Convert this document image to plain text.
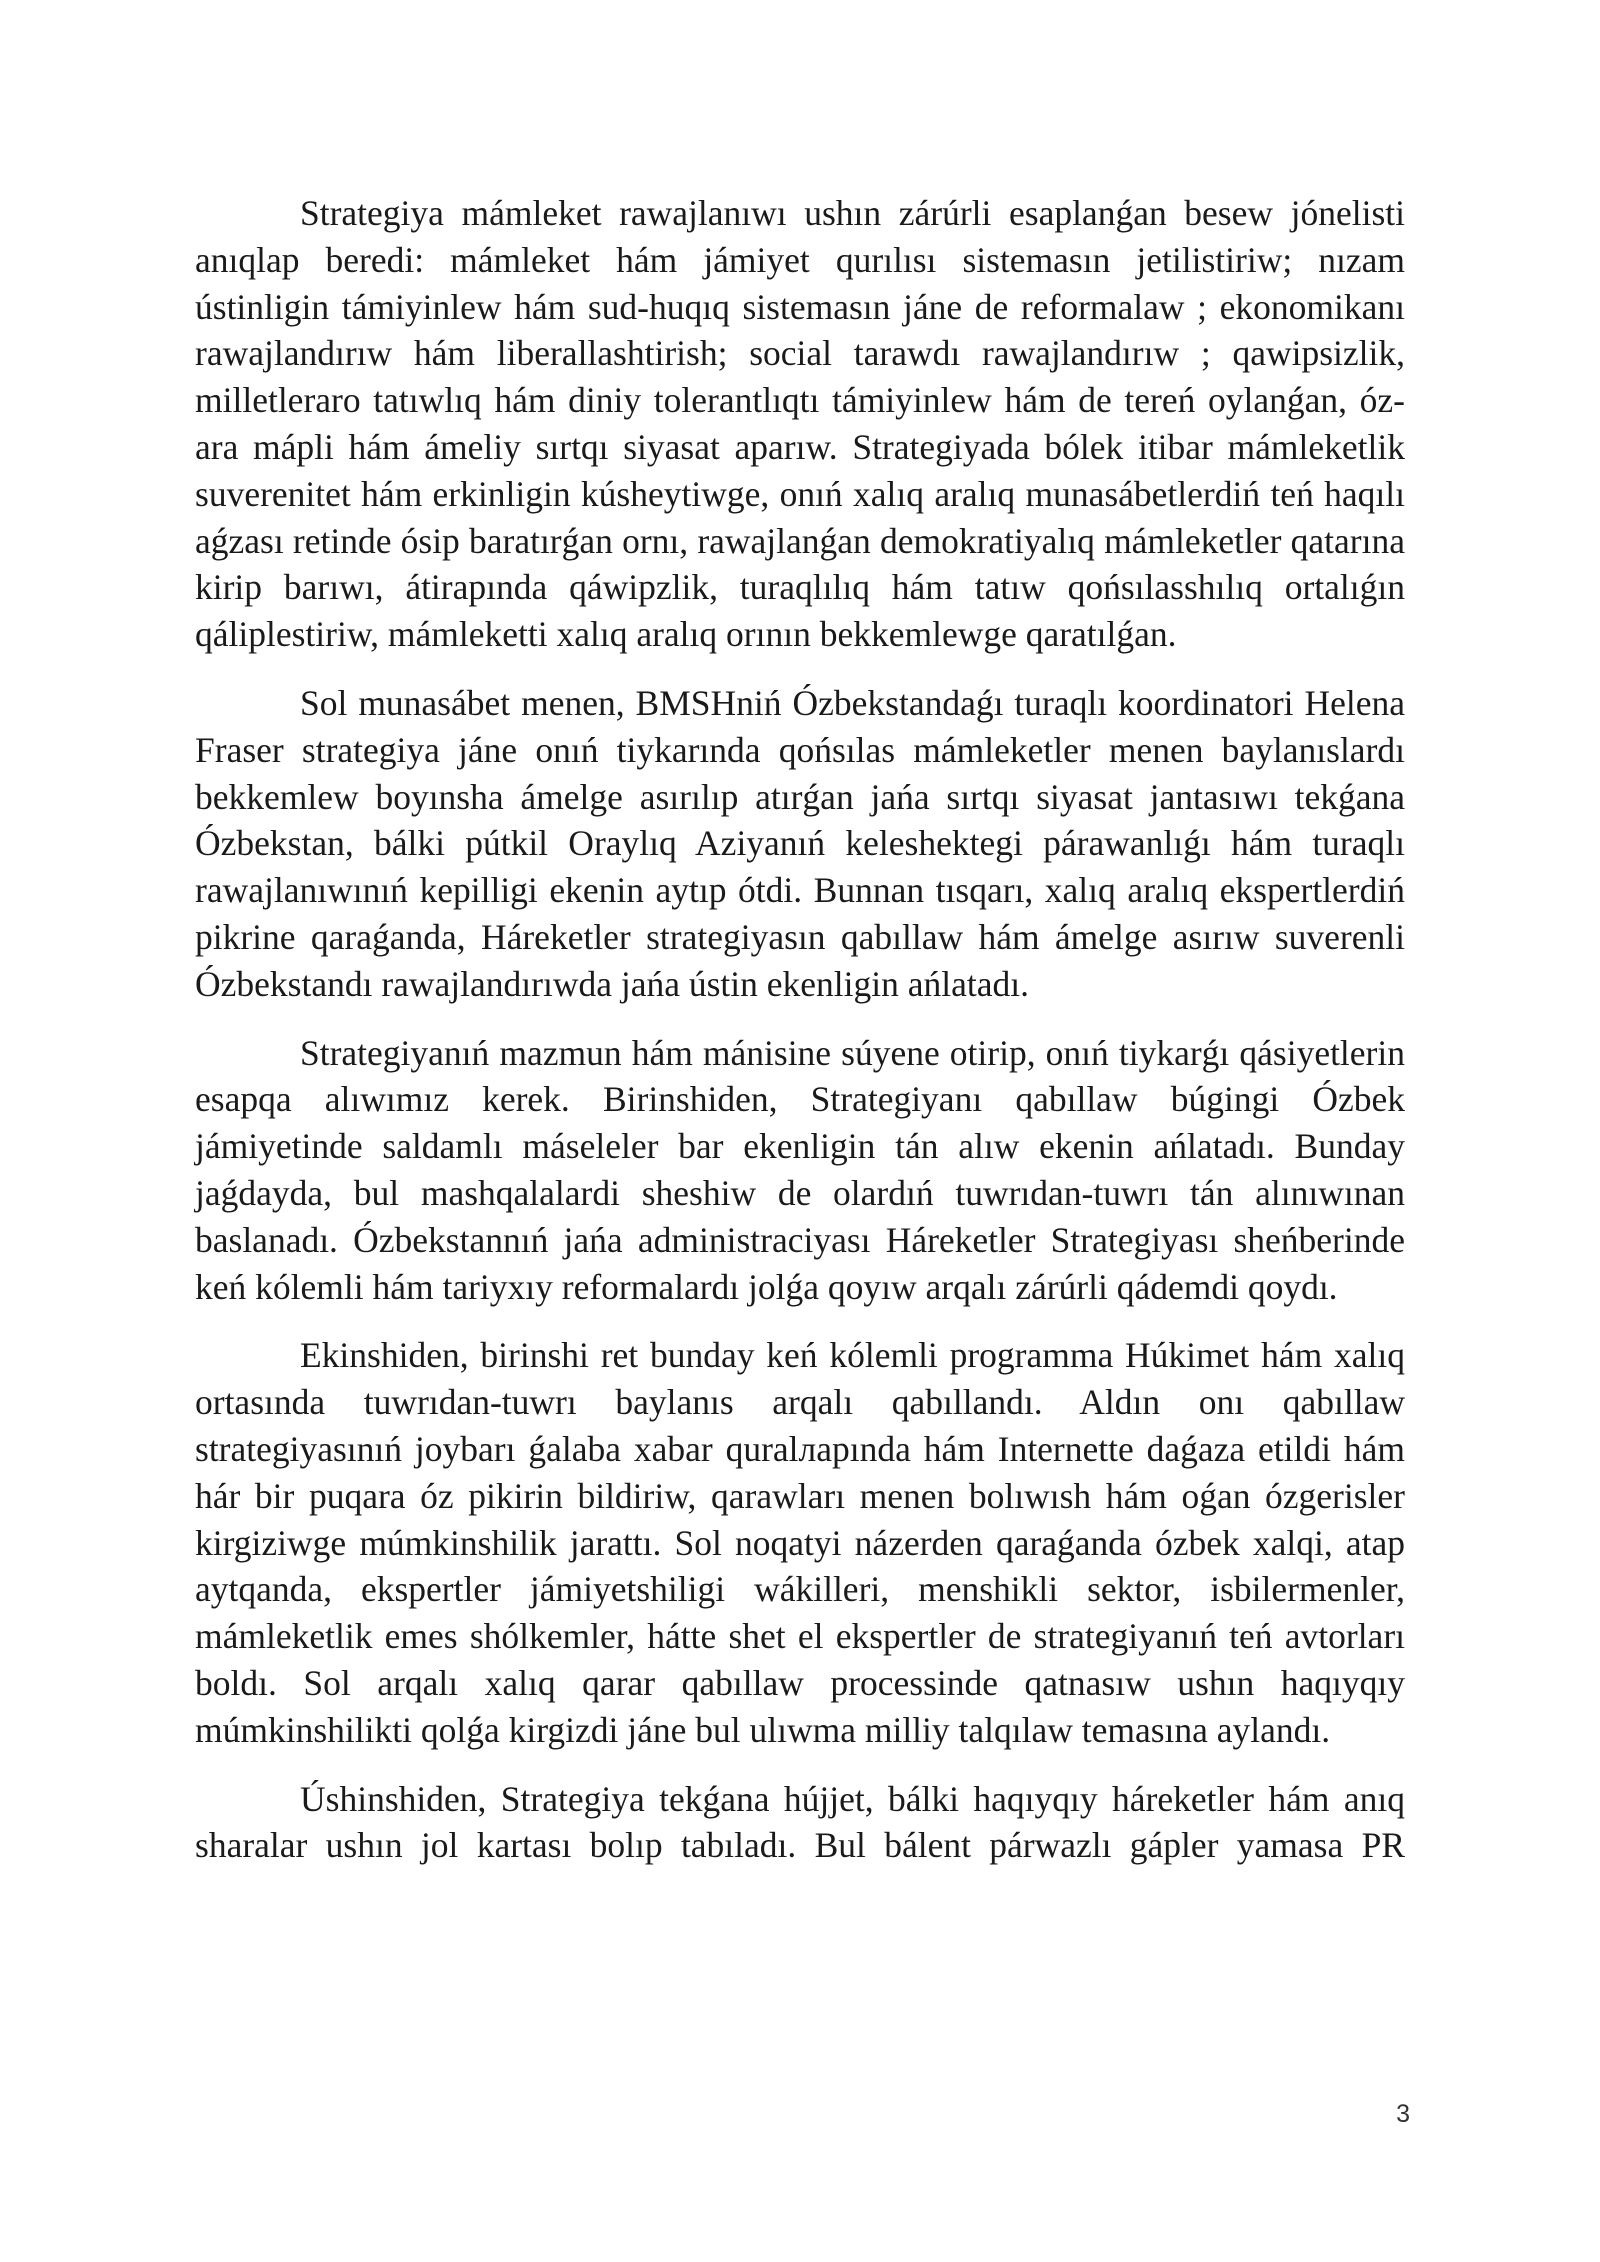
Strategiya mámleket rawajlanıwı ushın zárúrli esaplanǵan besew jónelisti anıqlap beredi: mámleket hám jámiyet qurılısı sistemasın jetilistiriw; nızam ústinligin támiyinlew hám sud-huqıq sistemasın jáne de reformalaw ; ekonomikanı rawajlandırıw hám liberallashtirish; social tarawdı rawajlandırıw ; qawipsizlik, milletleraro tatıwlıq hám diniy tolerantlıqtı támiyinlew hám de tereń oylanǵan, óz-ara mápli hám ámeliy sırtqı siyasat aparıw. Strategiyada bólek itibar mámleketlik suverenitet hám erkinligin kúsheytiwge, onıń xalıq aralıq munasábetlerdiń teń haqılı aǵzası retinde ósip baratırǵan ornı, rawajlanǵan demokratiyalıq mámleketler qatarına kirip barıwı, átirapında qáwipzlik, turaqlılıq hám tatıw qońsılasshılıq ortalıǵın qáliplestiriw, mámleketti xalıq aralıq orının bekkemlewge qaratılǵan.

Sol munasábet menen, BMSHniń Ózbekstandaǵı turaqlı koordinatori Helena Fraser strategiya jáne onıń tiykarında qońsılas mámleketler menen baylanıslardı bekkemlew boyınsha ámelge asırılıp atırǵan jańa sırtqı siyasat jantasıwı tekǵana Ózbekstan, bálki pútkil Oraylıq Aziyanıń keleshektegi párawanlıǵı hám turaqlı rawajlanıwınıń kepilligi ekenin aytıp ótdi. Bunnan tısqarı, xalıq aralıq ekspertlerdiń pikrine qaraǵanda, Háreketler strategiyasın qabıllaw hám ámelge asırıw suverenli Ózbekstandı rawajlandırıwda jańa ústin ekenligin ańlatadı.

Strategiyanıń mazmun hám mánisine súyene otirip, onıń tiykarǵı qásiyetlerin esapqa alıwımız kerek. Birinshiden, Strategiyanı qabıllaw búgingi Ózbek jámiyetinde saldamlı máseleler bar ekenligin tán alıw ekenin ańlatadı. Bunday jaǵdayda, bul mashqalalardi sheshiw de olardıń tuwrıdan-tuwrı tán alınıwınan baslanadı. Ózbekstannıń jańa administraciyası Háreketler Strategiyası sheńberinde keń kólemli hám tariyxıy reformalardı jolǵa qoyıw arqalı zárúrli qádemdi qoydı.

Ekinshiden, birinshi ret bunday keń kólemli programma Húkimet hám xalıq ortasında tuwrıdan-tuwrı baylanıs arqalı qabıllandı. Aldın onı qabıllaw strategiyasınıń joybarı ǵalaba xabar quralларında hám Internette daǵaza etildi hám hár bir puqara óz pikirin bildiriw, qarawları menen bolıwısh hám oǵan ózgerisler kirgiziwge múmkinshilik jarattı. Sol noqatyi názerden qaraǵanda ózbek xalqi, atap aytqanda, ekspertler jámiyetshiligi wákilleri, menshikli sektor, isbilermenler, mámleketlik emes shólkemler, hátte shet el ekspertler de strategiyanıń teń avtorları boldı. Sol arqalı xalıq qarar qabıllaw processinde qatnasıw ushın haqıyqıy múmkinshilikti qolǵa kirgizdi jáne bul ulıwma milliy talqılaw temasına aylandı.

Úshinshiden, Strategiya tekǵana hújjet, bálki haqıyqıy háreketler hám anıq sharalar ushın jol kartası bolıp tabıladı. Bul bálent párwazlı gápler yamasa PR

3
